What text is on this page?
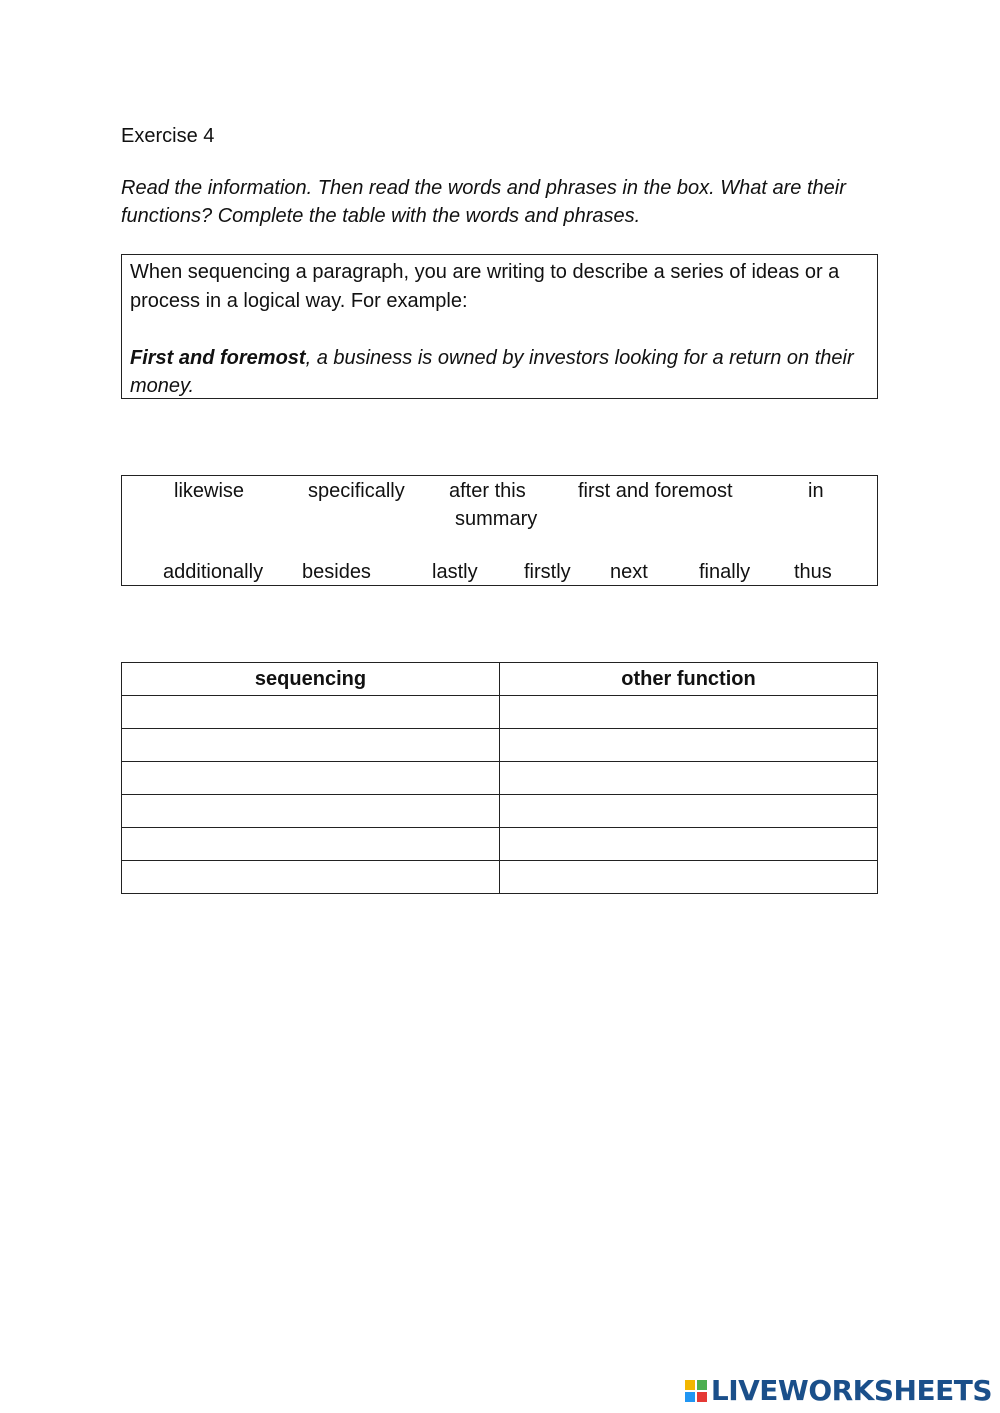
Exercise 4
Read the information. Then read the words and phrases in the box. What are their functions? Complete the table with the words and phrases.

When sequencing a paragraph, you are writing to describe a series of ideas or a process in a logical way. For example:

First and foremost, a business is owned by investors looking for a return on their money.

likewise	specifically after this	first and foremost	in
summary
additionally besides	lastly firstly next	finally thus
sequencing	other function

LIVEWORKSHEETS
